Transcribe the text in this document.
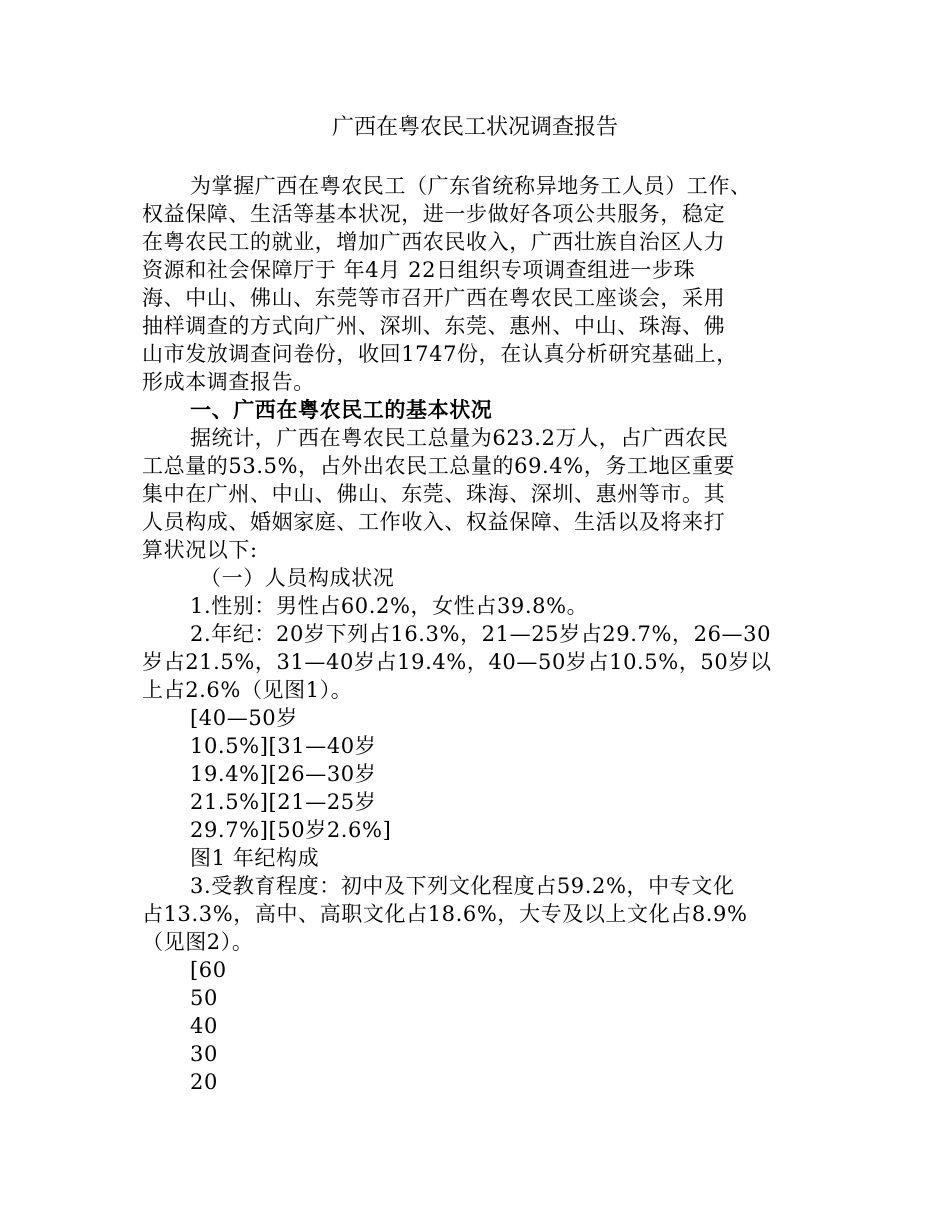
广西在粤农民工状况调查报告
为掌握广西在粤农民工（广东省统称异地务工人员）工作、
权益保障、生活等基本状况，进一步做好各项公共服务，稳定
在粤农民工的就业，增加广西农民收入，广西壮族自治区人力
资源和社会保障厅于 年4月 22日组织专项调查组进一步珠
海、中山、佛山、东莞等市召开广西在粤农民工座谈会，采用
抽样调查的方式向广州、深圳、东莞、惠州、中山、珠海、佛
山市发放调查问卷份，收回1747份，在认真分析研究基础上，
形成本调查报告。
一、广西在粤农民工的基本状况
据统计，广西在粤农民工总量为623.2万人，占广西农民
工总量的53.5%，占外出农民工总量的69.4%，务工地区重要
集中在广州、中山、佛山、东莞、珠海、深圳、惠州等市。其
人员构成、婚姻家庭、工作收入、权益保障、生活以及将来打
算状况以下:
（一）人员构成状况
1.性别：男性占60.2%，女性占39.8%。
2.年纪：20岁下列占16.3%，21—25岁占29.7%，26—30
岁占21.5%，31—40岁占19.4%，40—50岁占10.5%，50岁以
上占2.6%（见图1）。
[40—50岁
10.5%][31—40岁
19.4%][26—30岁
21.5%][21—25岁
29.7%][50岁2.6%]
图1 年纪构成
3.受教育程度：初中及下列文化程度占59.2%，中专文化
占13.3%，高中、高职文化占18.6%，大专及以上文化占8.9%
（见图2）。
[60
50
40
30
20
